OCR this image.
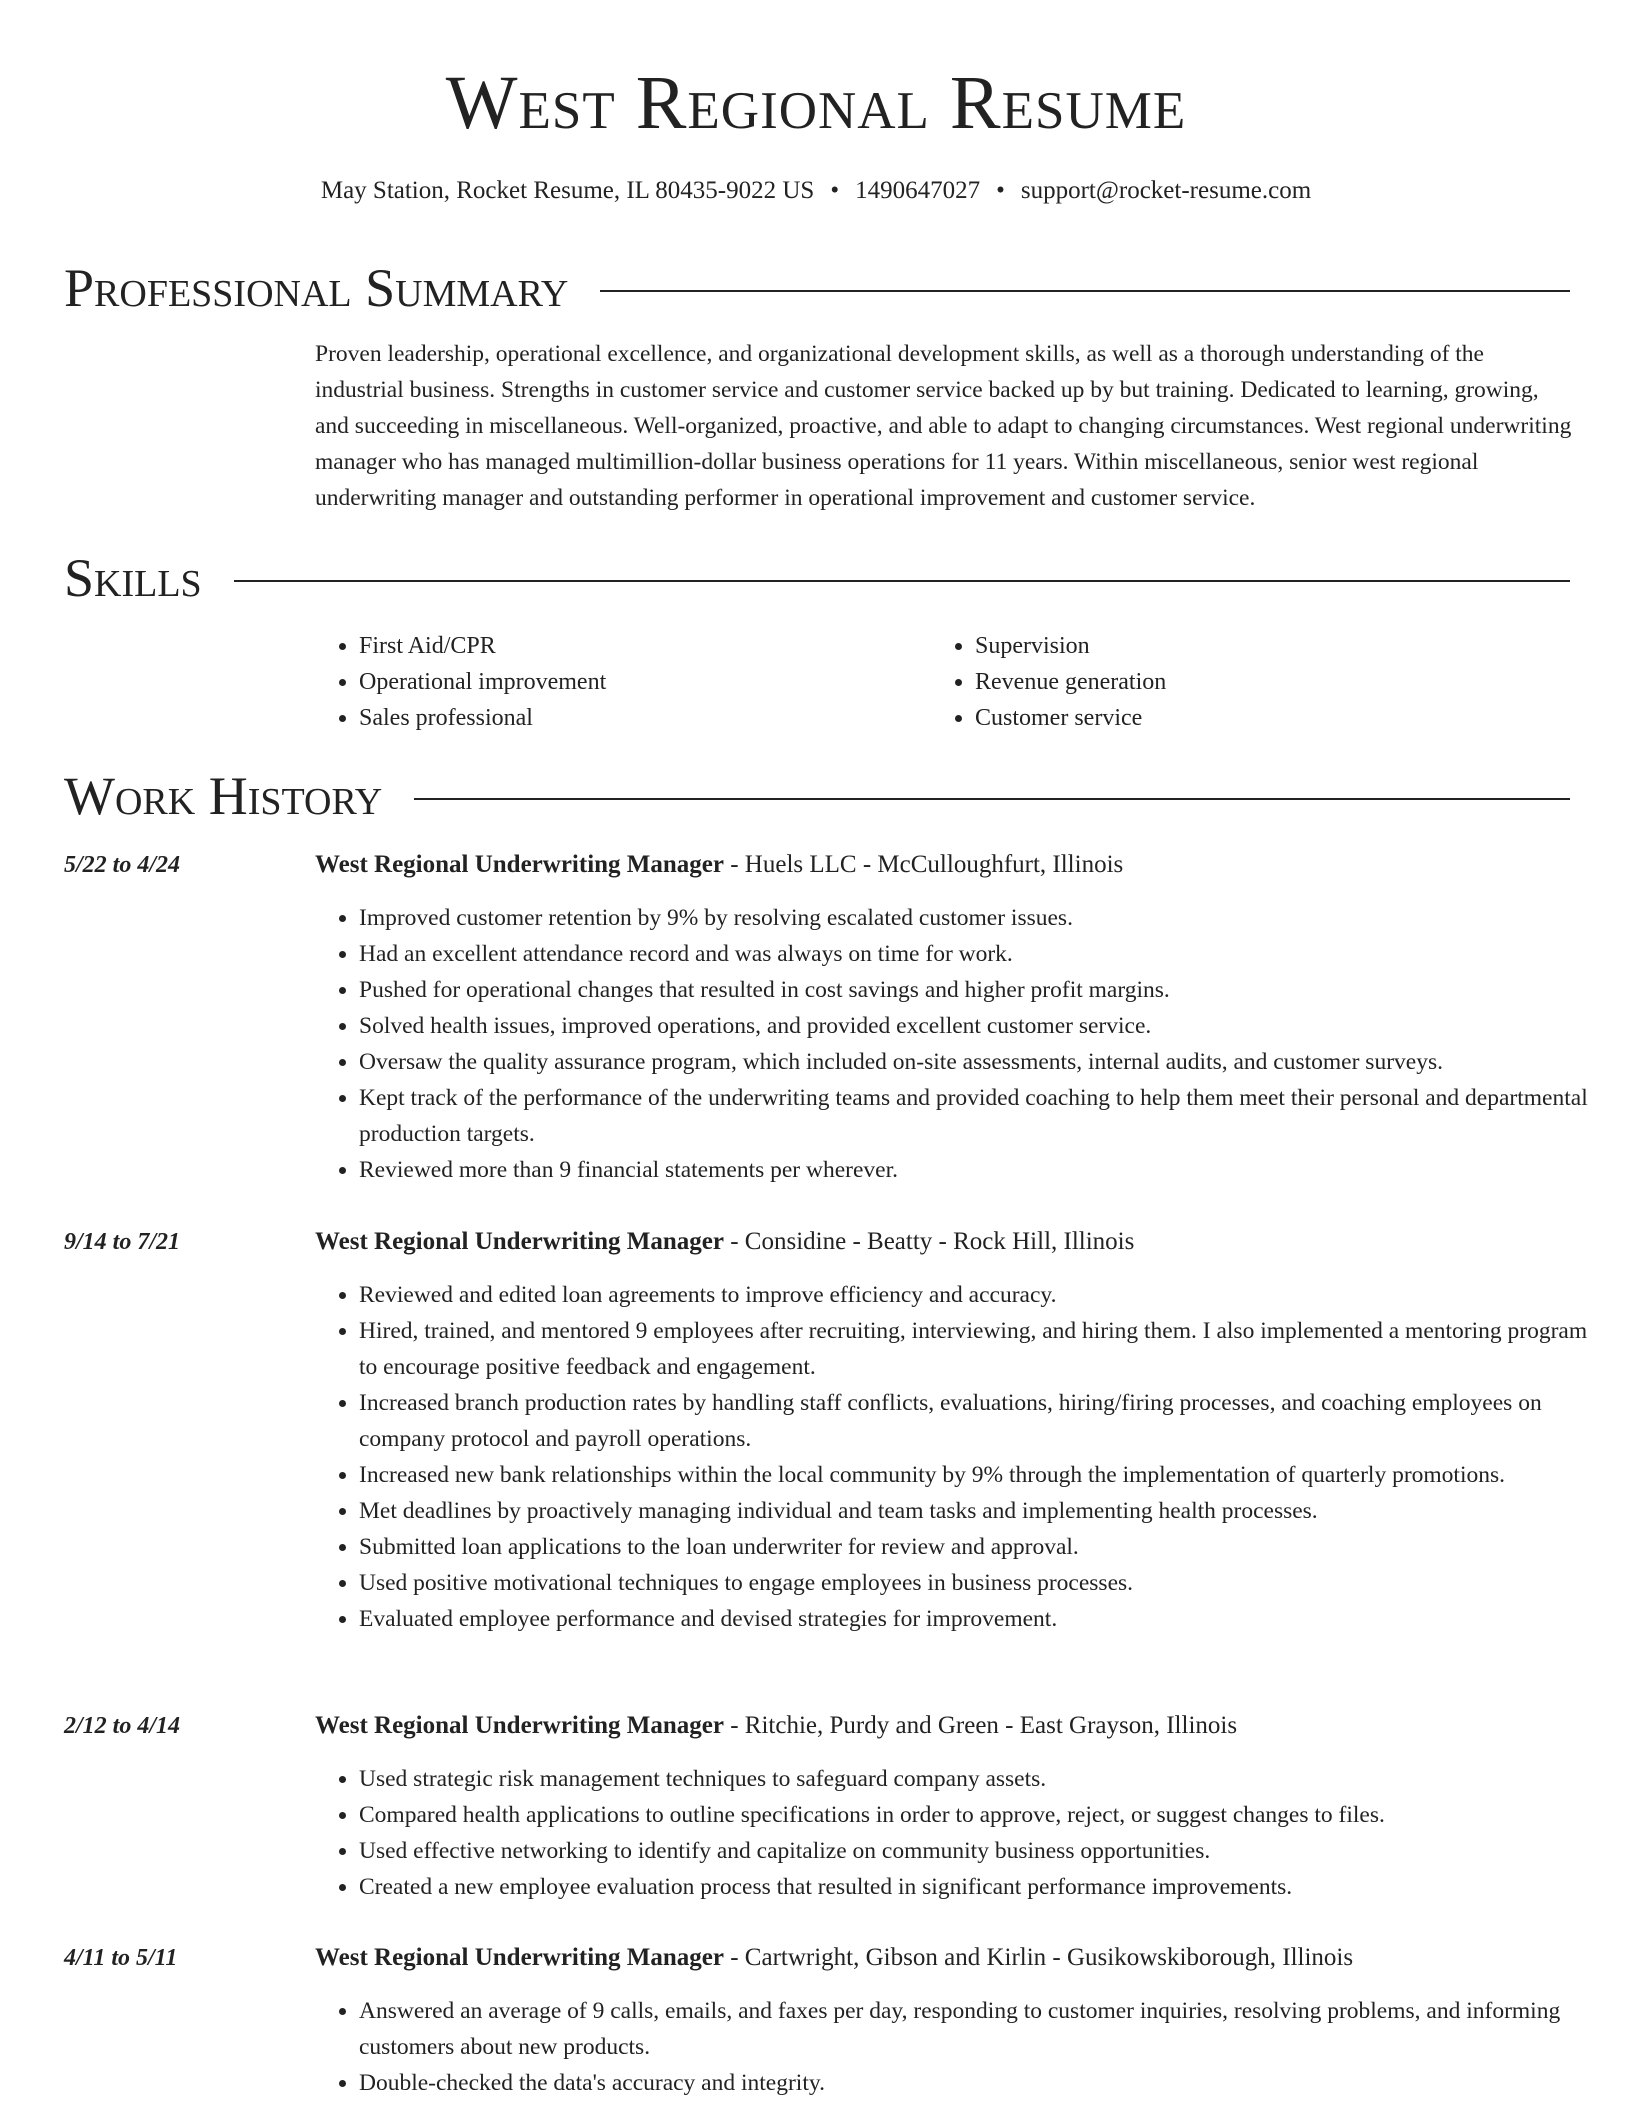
West Regional Resume
May Station, Rocket Resume, IL 80435-9022 US • 1490647027 • support@rocket-resume.com
Professional Summary

Proven leadership, operational excellence, and organizational development skills, as well as a thorough understanding of the industrial business. Strengths in customer service and customer service backed up by but training. Dedicated to learning, growing, and succeeding in miscellaneous. Well-organized, proactive, and able to adapt to changing circumstances. West regional underwriting manager who has managed multimillion-dollar business operations for 11 years. Within miscellaneous, senior west regional underwriting manager and outstanding performer in operational improvement and customer service.

Skills
• First Aid/CPR
• Operational improvement
• Sales professional
• Supervision
• Revenue generation
• Customer service
Work History
5/22 to 4/24	West Regional Underwriting Manager - Huels LLC - McCulloughfurt, Illinois
• Improved customer retention by 9% by resolving escalated customer issues.
• Had an excellent attendance record and was always on time for work.
• Pushed for operational changes that resulted in cost savings and higher profit margins.
• Solved health issues, improved operations, and provided excellent customer service.
• Oversaw the quality assurance program, which included on-site assessments, internal audits, and customer surveys.
• Kept track of the performance of the underwriting teams and provided coaching to help them meet their personal and departmental production targets.
• Reviewed more than 9 financial statements per wherever.
9/14 to 7/21	West Regional Underwriting Manager - Considine - Beatty - Rock Hill, Illinois
• Reviewed and edited loan agreements to improve efficiency and accuracy.
• Hired, trained, and mentored 9 employees after recruiting, interviewing, and hiring them. I also implemented a mentoring program to encourage positive feedback and engagement.
• Increased branch production rates by handling staff conflicts, evaluations, hiring/firing processes, and coaching employees on company protocol and payroll operations.
• Increased new bank relationships within the local community by 9% through the implementation of quarterly promotions.
• Met deadlines by proactively managing individual and team tasks and implementing health processes.
• Submitted loan applications to the loan underwriter for review and approval.
• Used positive motivational techniques to engage employees in business processes.
• Evaluated employee performance and devised strategies for improvement.
2/12 to 4/14	West Regional Underwriting Manager - Ritchie, Purdy and Green - East Grayson, Illinois
• Used strategic risk management techniques to safeguard company assets.
• Compared health applications to outline specifications in order to approve, reject, or suggest changes to files.
• Used effective networking to identify and capitalize on community business opportunities.
• Created a new employee evaluation process that resulted in significant performance improvements.
4/11 to 5/11	West Regional Underwriting Manager - Cartwright, Gibson and Kirlin - Gusikowskiborough, Illinois
• Answered an average of 9 calls, emails, and faxes per day, responding to customer inquiries, resolving problems, and informing customers about new products.
• Double-checked the data's accuracy and integrity.
